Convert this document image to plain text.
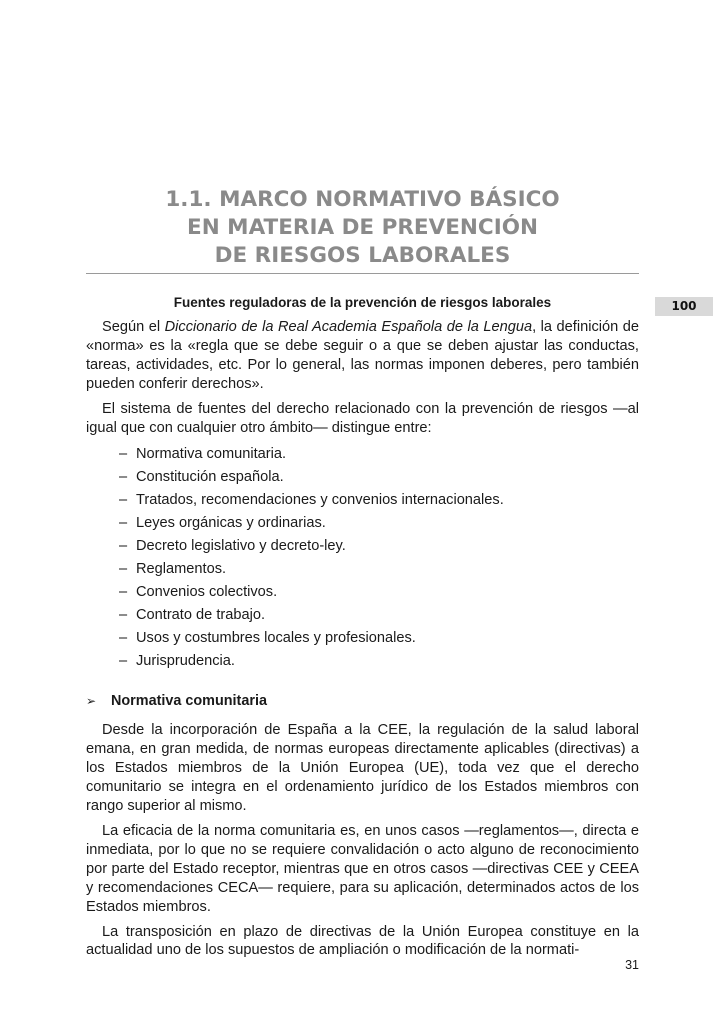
1.1. MARCO NORMATIVO BÁSICO
EN MATERIA DE PREVENCIÓN
DE RIESGOS LABORALES
100
Fuentes reguladoras de la prevención de riesgos laborales

Según el Diccionario de la Real Academia Española de la Lengua, la definición de «norma» es la «regla que se debe seguir o a que se deben ajustar las conductas, tareas, actividades, etc. Por lo general, las normas imponen deberes, pero también pueden conferir derechos».

El sistema de fuentes del derecho relacionado con la prevención de riesgos —al igual que con cualquier otro ámbito— distingue entre:

– Normativa comunitaria.
– Constitución española.
– Tratados, recomendaciones y convenios internacionales.
– Leyes orgánicas y ordinarias.
– Decreto legislativo y decreto-ley.
– Reglamentos.
– Convenios colectivos.
– Contrato de trabajo.
– Usos y costumbres locales y profesionales.
– Jurisprudencia.
➢	Normativa comunitaria

Desde la incorporación de España a la CEE, la regulación de la salud laboral emana, en gran medida, de normas europeas directamente aplicables (directivas) a los Estados miembros de la Unión Europea (UE), toda vez que el derecho comunitario se integra en el ordenamiento jurídico de los Estados miembros con rango superior al mismo.

La eficacia de la norma comunitaria es, en unos casos —reglamentos—, directa e inmediata, por lo que no se requiere convalidación o acto alguno de reconocimiento por parte del Estado receptor, mientras que en otros casos —directivas CEE y CEEA y recomendaciones CECA— requiere, para su aplicación, determinados actos de los Estados miembros.

La transposición en plazo de directivas de la Unión Europea constituye en la actualidad uno de los supuestos de ampliación o modificación de la normati-

31
